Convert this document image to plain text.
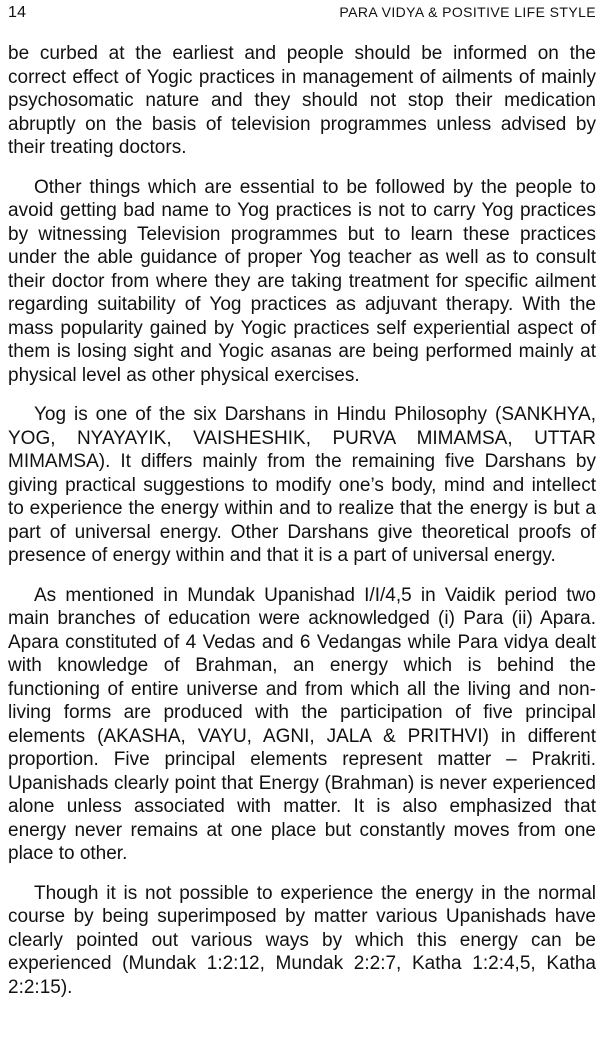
14	PARA VIDYA & POSITIVE LIFE STYLE

be curbed at the earliest and people should be informed on the correct effect of Yogic practices in management of ailments of mainly psychosomatic nature and they should not stop their medication abruptly on the basis of television programmes unless advised by their treating doctors.

Other things which are essential to be followed by the people to avoid getting bad name to Yog practices is not to carry Yog practices by witnessing Television programmes but to learn these practices under the able guidance of proper Yog teacher as well as to consult their doctor from where they are taking treatment for specific ailment regarding suitability of Yog practices as adjuvant therapy. With the mass popularity gained by Yogic practices self experiential aspect of them is losing sight and Yogic asanas are being performed mainly at physical level as other physical exercises.

Yog is one of the six Darshans in Hindu Philosophy (SANKHYA, YOG, NYAYAYIK, VAISHESHIK, PURVA MIMAMSA, UTTAR MIMAMSA). It differs mainly from the remaining five Darshans by giving practical suggestions to modify one’s body, mind and intellect to experience the energy within and to realize that the energy is but a part of universal energy. Other Darshans give theoretical proofs of presence of energy within and that it is a part of universal energy.

As mentioned in Mundak Upanishad I/I/4,5 in Vaidik period two main branches of education were acknowledged (i) Para (ii) Apara. Apara constituted of 4 Vedas and 6 Vedangas while Para vidya dealt with knowledge of Brahman, an energy which is behind the functioning of entire universe and from which all the living and non-living forms are produced with the participation of five principal elements (AKASHA, VAYU, AGNI, JALA & PRITHVI) in different proportion. Five principal elements represent matter – Prakriti. Upanishads clearly point that Energy (Brahman) is never experienced alone unless associated with matter. It is also emphasized that energy never remains at one place but constantly moves from one place to other.

Though it is not possible to experience the energy in the normal course by being superimposed by matter various Upanishads have clearly pointed out various ways by which this energy can be experienced (Mundak 1:2:12, Mundak 2:2:7, Katha 1:2:4,5, Katha 2:2:15).
